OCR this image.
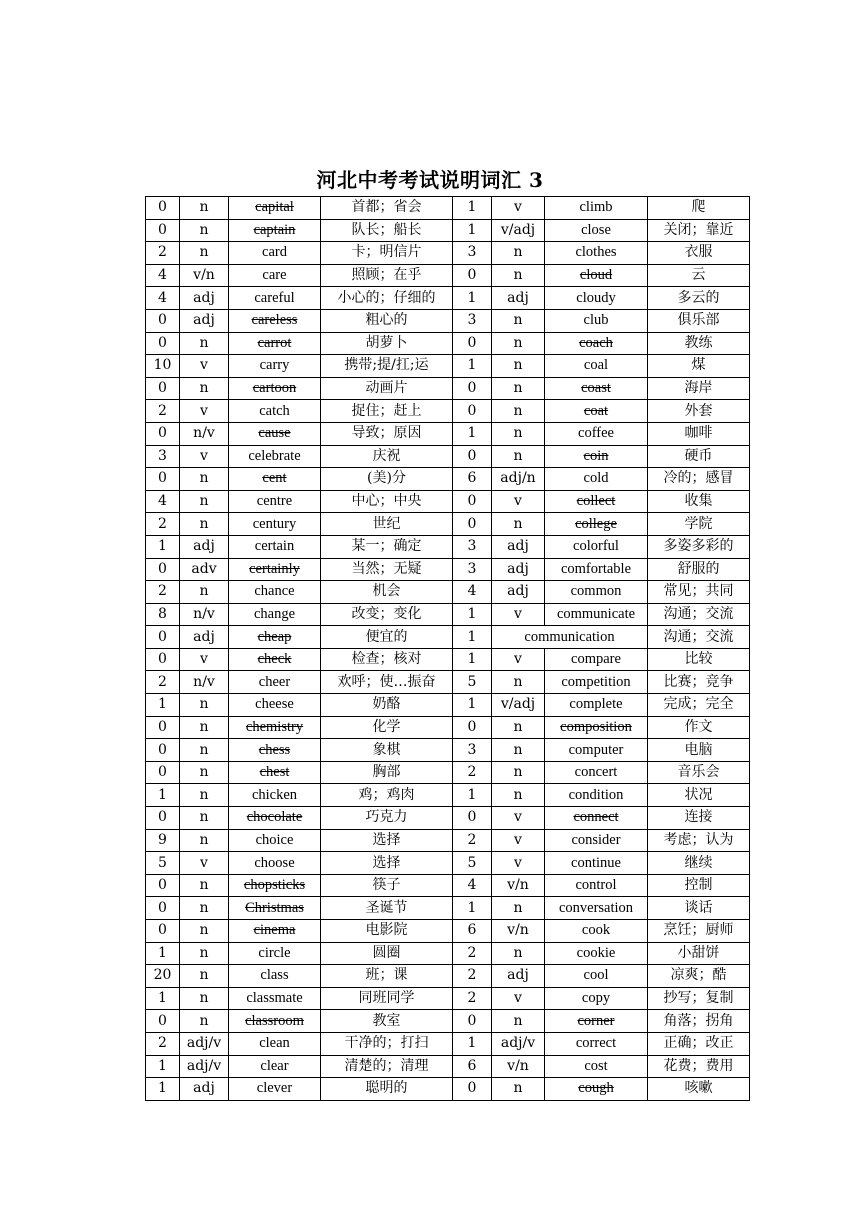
河北中考考试说明词汇 3
0	n	capital	首都；省会	1	v	climb	爬
0	n	captain	队长；船长	1	v/adj	close	关闭；靠近
2	n	card	卡；明信片	3	n	clothes	衣服
4	v/n	care	照顾；在乎	0	n	cloud	云
4	adj	careful	小心的；仔细的	1	adj	cloudy	多云的
0	adj	careless	粗心的	3	n	club	俱乐部
0	n	carrot	胡萝卜	0	n	coach	教练
10	v	carry	携带;提/扛;运	1	n	coal	煤
0	n	cartoon	动画片	0	n	coast	海岸
2	v	catch	捉住；赶上	0	n	coat	外套
0	n/v	cause	导致；原因	1	n	coffee	咖啡
3	v	celebrate	庆祝	0	n	coin	硬币
0	n	cent	(美)分	6	adj/n	cold	冷的；感冒
4	n	centre	中心；中央	0	v	collect	收集
2	n	century	世纪	0	n	college	学院
1	adj	certain	某一；确定	3	adj	colorful	多姿多彩的
0	adv	certainly	当然；无疑	3	adj	comfortable	舒服的
2	n	chance	机会	4	adj	common	常见；共同
8	n/v	change	改变；变化	1	v	communicate	沟通；交流
0	adj	cheap	便宜的	1	communication		沟通；交流
0	v	check	检查；核对	1	v	compare	比较
2	n/v	cheer	欢呼；使…振奋	5	n	competition	比赛；竞争
1	n	cheese	奶酪	1	v/adj	complete	完成；完全
0	n	chemistry	化学	0	n	composition	作文
0	n	chess	象棋	3	n	computer	电脑
0	n	chest	胸部	2	n	concert	音乐会
1	n	chicken	鸡；鸡肉	1	n	condition	状况
0	n	chocolate	巧克力	0	v	connect	连接
9	n	choice	选择	2	v	consider	考虑；认为
5	v	choose	选择	5	v	continue	继续
0	n	chopsticks	筷子	4	v/n	control	控制
0	n	Christmas	圣诞节	1	n	conversation	谈话
0	n	cinema	电影院	6	v/n	cook	烹饪；厨师
1	n	circle	圆圈	2	n	cookie	小甜饼
20	n	class	班；课	2	adj	cool	凉爽；酷
1	n	classmate	同班同学	2	v	copy	抄写；复制
0	n	classroom	教室	0	n	corner	角落；拐角
2	adj/v	clean	干净的；打扫	1	adj/v	correct	正确；改正
1	adj/v	clear	清楚的；清理	6	v/n	cost	花费；费用
1	adj	clever	聪明的	0	n	cough	咳嗽
